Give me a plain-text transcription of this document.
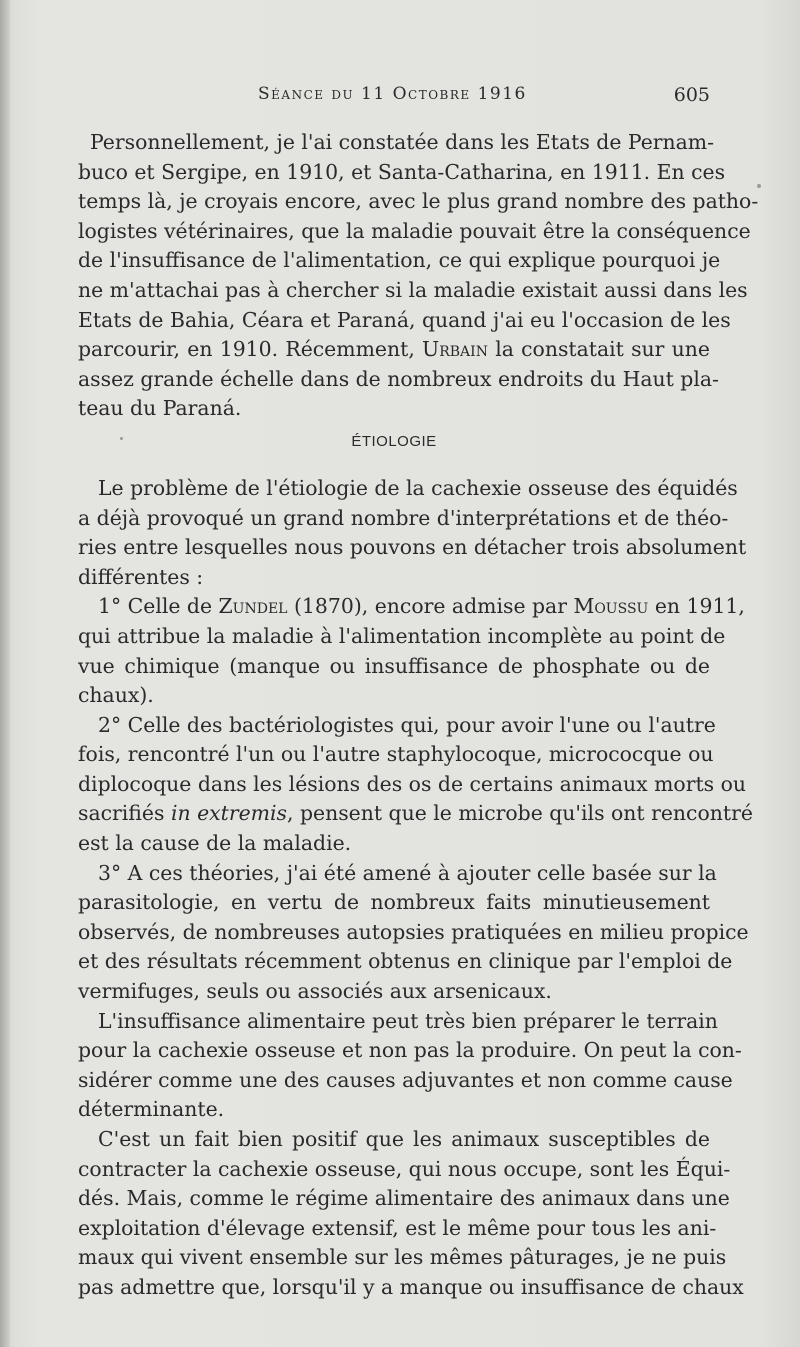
Séance du 11 Octobre 1916	605
Personnellement, je l'ai constatée dans les Etats de Pernam-
buco et Sergipe, en 1910, et Santa-Catharina, en 1911. En ces
temps là, je croyais encore, avec le plus grand nombre des patho-
logistes vétérinaires, que la maladie pouvait être la conséquence
de l'insuffisance de l'alimentation, ce qui explique pourquoi je
ne m'attachai pas à chercher si la maladie existait aussi dans les
Etats de Bahia, Céara et Paraná, quand j'ai eu l'occasion de les
parcourir, en 1910. Récemment, Urbain la constatait sur une
assez grande échelle dans de nombreux endroits du Haut pla-
teau du Paraná.
ÉTIOLOGIE
Le problème de l'étiologie de la cachexie osseuse des équidés
a déjà provoqué un grand nombre d'interprétations et de théo-
ries entre lesquelles nous pouvons en détacher trois absolument
différentes :
1° Celle de Zundel (1870), encore admise par Moussu en 1911,
qui attribue la maladie à l'alimentation incomplète au point de
vue chimique (manque ou insuffisance de phosphate ou de
chaux).
2° Celle des bactériologistes qui, pour avoir l'une ou l'autre
fois, rencontré l'un ou l'autre staphylocoque, micrococque ou
diplocoque dans les lésions des os de certains animaux morts ou
sacrifiés in extremis, pensent que le microbe qu'ils ont rencontré
est la cause de la maladie.
3° A ces théories, j'ai été amené à ajouter celle basée sur la
parasitologie, en vertu de nombreux faits minutieusement
observés, de nombreuses autopsies pratiquées en milieu propice
et des résultats récemment obtenus en clinique par l'emploi de
vermifuges, seuls ou associés aux arsenicaux.
L'insuffisance alimentaire peut très bien préparer le terrain
pour la cachexie osseuse et non pas la produire. On peut la con-
sidérer comme une des causes adjuvantes et non comme cause
déterminante.
C'est un fait bien positif que les animaux susceptibles de
contracter la cachexie osseuse, qui nous occupe, sont les Équi-
dés. Mais, comme le régime alimentaire des animaux dans une
exploitation d'élevage extensif, est le même pour tous les ani-
maux qui vivent ensemble sur les mêmes pâturages, je ne puis
pas admettre que, lorsqu'il y a manque ou insuffisance de chaux
